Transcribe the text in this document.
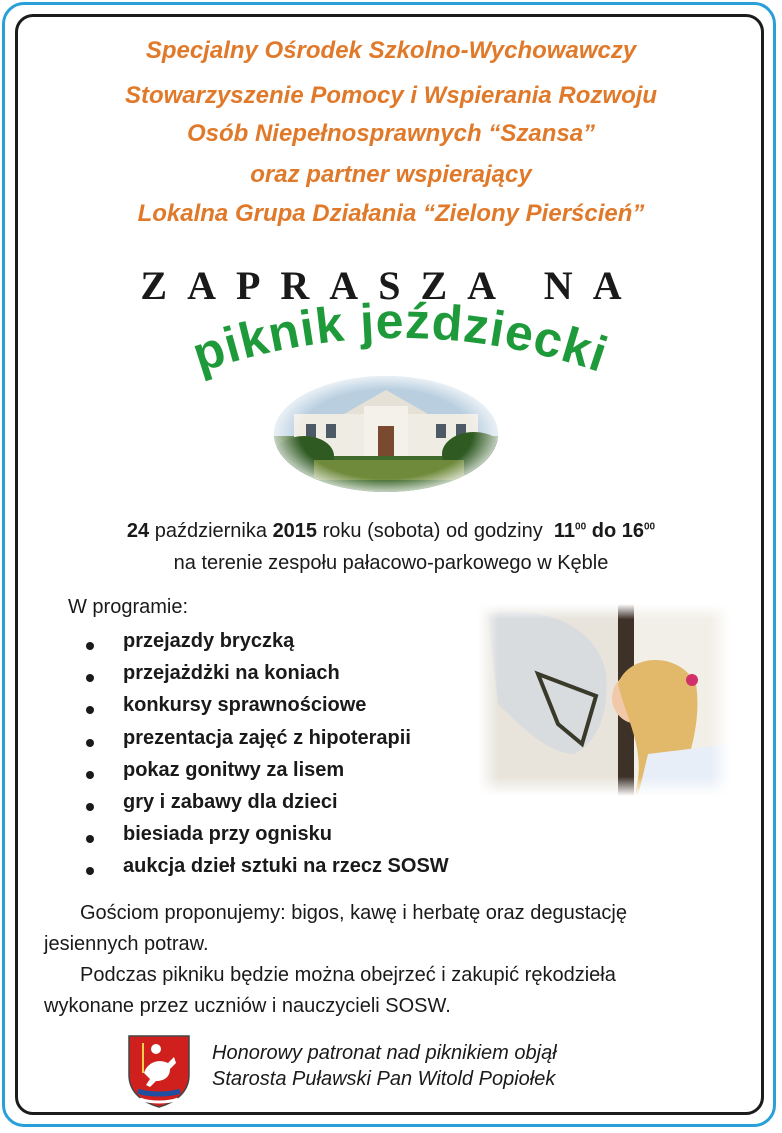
Specjalny Ośrodek Szkolno-Wychowawczy
Stowarzyszenie Pomocy i Wspierania Rozwoju
Osób Niepełnosprawnych “Szansa”
oraz partner wspierający
Lokalna Grupa Działania “Zielony Pierścień”
ZAPRASZA NA
piknik jeździecki
24 października 2015 roku (sobota) od godziny $11^{00}$ do $16^{00}$
na terenie zespołu pałacowo-parkowego w Kęble
W programie:
przejazdy bryczką
przejażdżki na koniach
konkursy sprawnościowe
prezentacja zajęć z hipoterapii
pokaz gonitwy za lisem
gry i zabawy dla dzieci
biesiada przy ognisku
aukcja dzieł sztuki na rzecz SOSW
Gościom proponujemy: bigos, kawę i herbatę oraz degustację
jesiennych potraw.
Podczas pikniku będzie można obejrzeć i zakupić rękodzieła
wykonane przez uczniów i nauczycieli SOSW.
Honorowy patronat nad piknikiem objął
Starosta Puławski Pan Witold Popiołek
